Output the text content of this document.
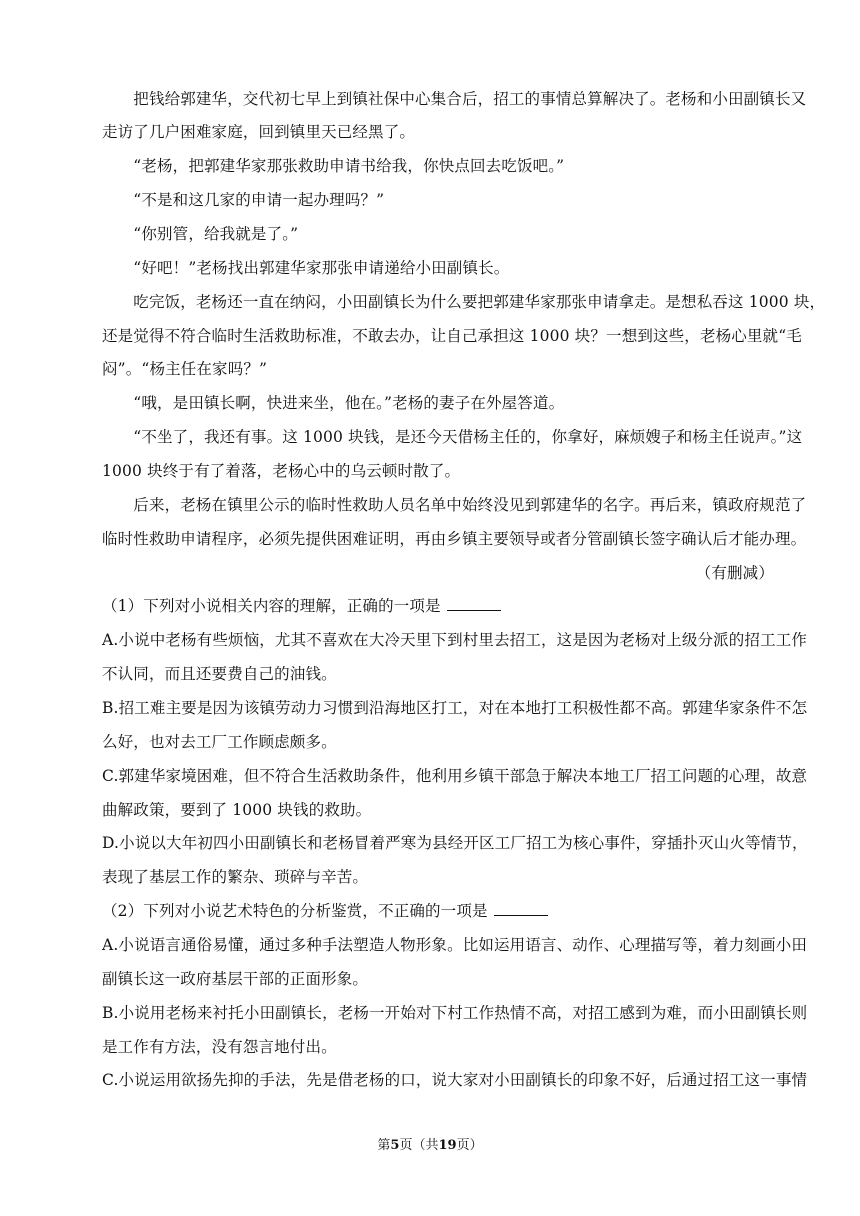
　　把钱给郭建华，交代初七早上到镇社保中心集合后，招工的事情总算解决了。老杨和小田副镇长又
走访了几户困难家庭，回到镇里天已经黑了。
　　“老杨，把郭建华家那张救助申请书给我，你快点回去吃饭吧。”
　　“不是和这几家的申请一起办理吗？”
　　“你别管，给我就是了。”
　　“好吧！”老杨找出郭建华家那张申请递给小田副镇长。
　　吃完饭，老杨还一直在纳闷，小田副镇长为什么要把郭建华家那张申请拿走。是想私吞这 1000 块，
还是觉得不符合临时生活救助标准，不敢去办，让自己承担这 1000 块？一想到这些，老杨心里就“毛
闷”。“杨主任在家吗？”
　　“哦，是田镇长啊，快进来坐，他在。”老杨的妻子在外屋答道。
　　“不坐了，我还有事。这 1000 块钱，是还今天借杨主任的，你拿好，麻烦嫂子和杨主任说声。”这
1000 块终于有了着落，老杨心中的乌云顿时散了。
　　后来，老杨在镇里公示的临时性救助人员名单中始终没见到郭建华的名字。再后来，镇政府规范了
临时性救助申请程序，必须先提供困难证明，再由乡镇主要领导或者分管副镇长签字确认后才能办理。
（有删减）
（1）下列对小说相关内容的理解，正确的一项是
A.小说中老杨有些烦恼，尤其不喜欢在大冷天里下到村里去招工，这是因为老杨对上级分派的招工工作
不认同，而且还要费自己的油钱。
B.招工难主要是因为该镇劳动力习惯到沿海地区打工，对在本地打工积极性都不高。郭建华家条件不怎
么好，也对去工厂工作顾虑颇多。
C.郭建华家境困难，但不符合生活救助条件，他利用乡镇干部急于解决本地工厂招工问题的心理，故意
曲解政策，要到了 1000 块钱的救助。
D.小说以大年初四小田副镇长和老杨冒着严寒为县经开区工厂招工为核心事件，穿插扑灭山火等情节，
表现了基层工作的繁杂、琐碎与辛苦。
（2）下列对小说艺术特色的分析鉴赏，不正确的一项是
A.小说语言通俗易懂，通过多种手法塑造人物形象。比如运用语言、动作、心理描写等，着力刻画小田
副镇长这一政府基层干部的正面形象。
B.小说用老杨来衬托小田副镇长，老杨一开始对下村工作热情不高，对招工感到为难，而小田副镇长则
是工作有方法，没有怨言地付出。
C.小说运用欲扬先抑的手法，先是借老杨的口，说大家对小田副镇长的印象不好，后通过招工这一事情
第5页（共19页）
